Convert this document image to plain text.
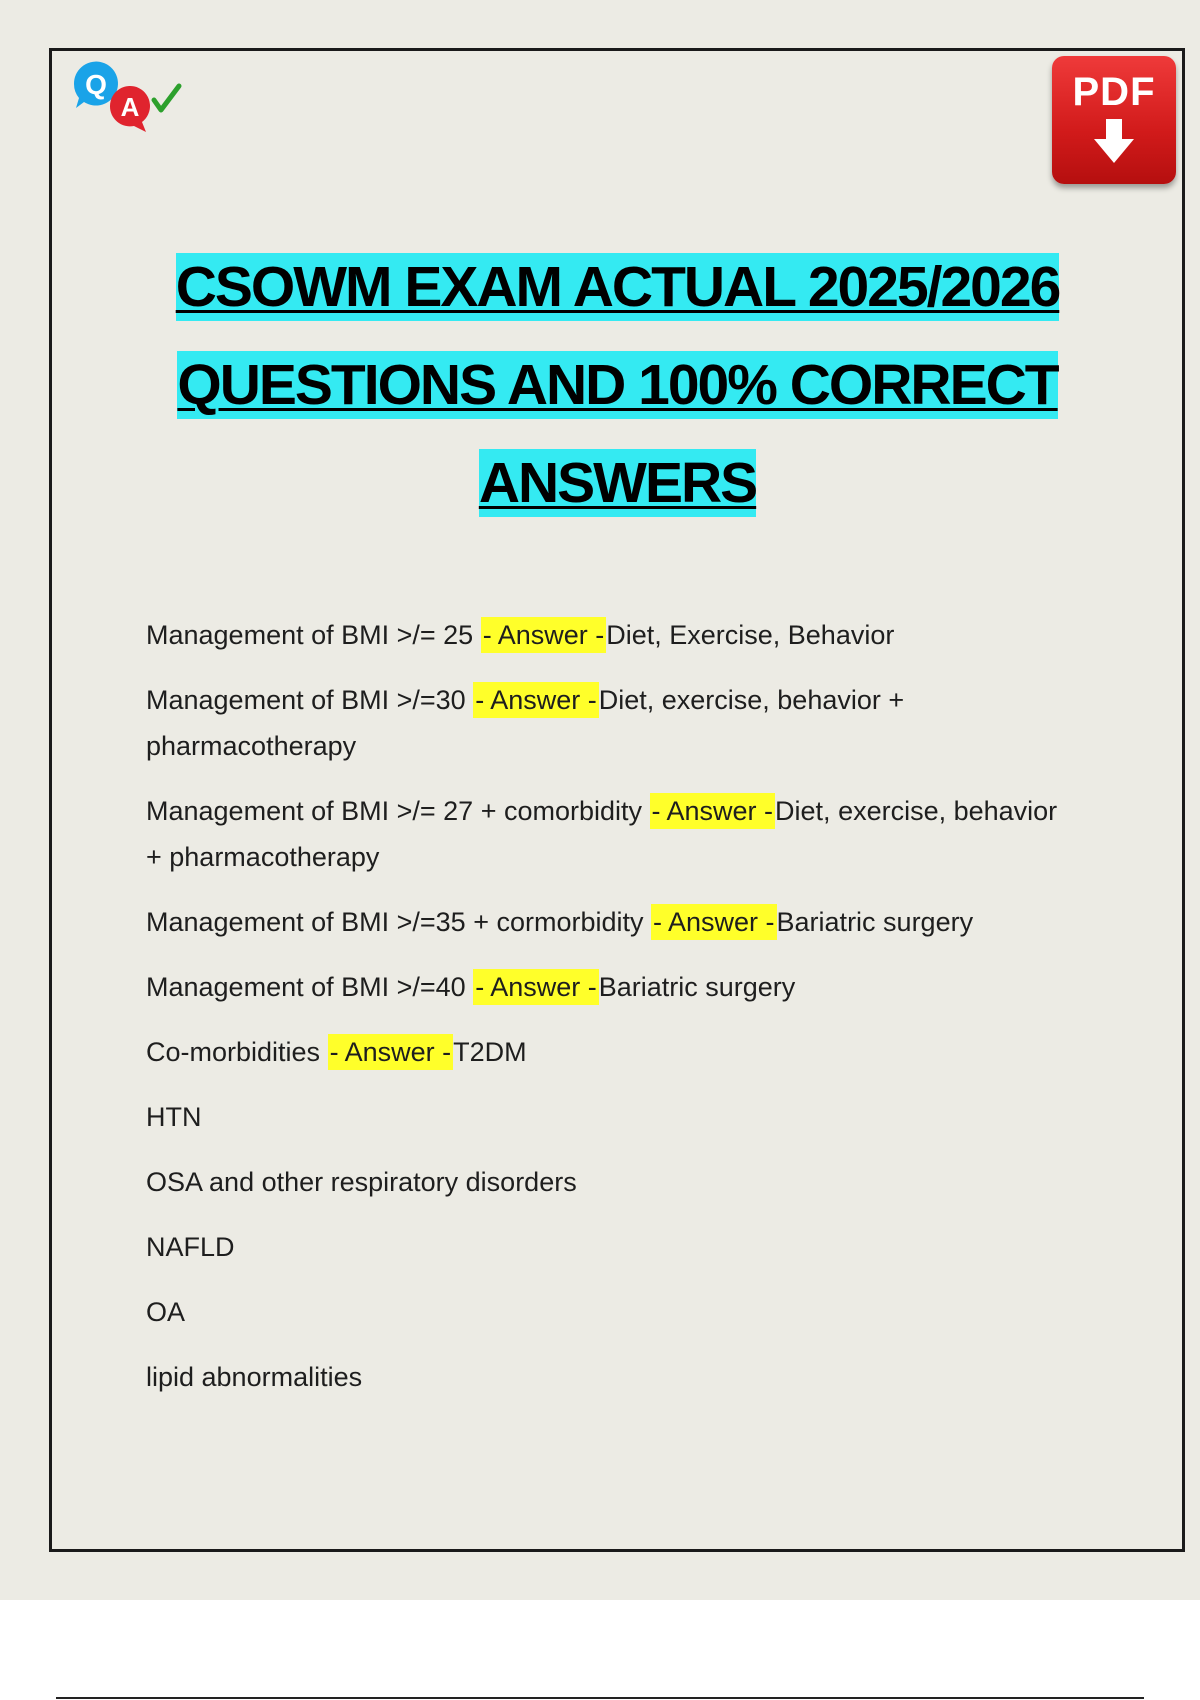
Q
A	PDF
CSOWM EXAM ACTUAL 2025/2026
QUESTIONS AND 100% CORRECT
ANSWERS
Management of BMI >/= 25 - Answer -Diet, Exercise, Behavior
Management of BMI >/=30 - Answer -Diet, exercise, behavior + pharmacotherapy
Management of BMI >/= 27 + comorbidity - Answer -Diet, exercise, behavior + pharmacotherapy
Management of BMI >/=35 + cormorbidity - Answer -Bariatric surgery
Management of BMI >/=40 - Answer -Bariatric surgery
Co-morbidities - Answer -T2DM
HTN
OSA and other respiratory disorders
NAFLD
OA
lipid abnormalities
